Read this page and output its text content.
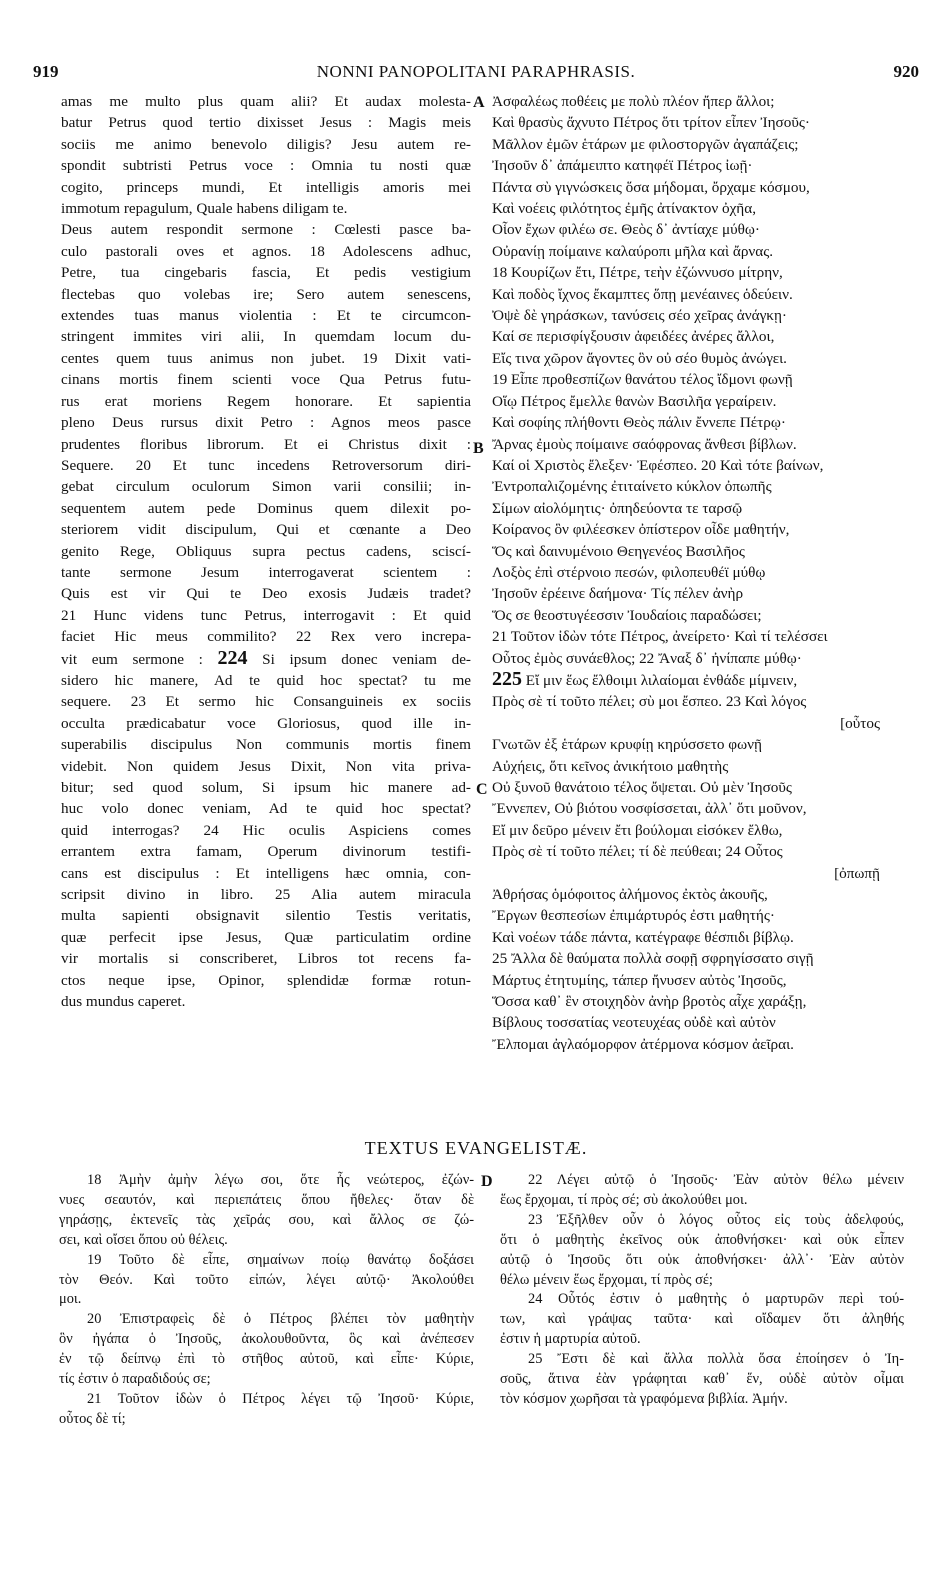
919	NONNI PANOPOLITANI PARAPHRASIS.	920
A
B
C
D
amas me multo plus quam alii? Et audax molesta-
batur Petrus quod tertio dixisset Jesus : Magis meis
sociis me animo benevolo diligis? Jesu autem re-
spondit subtristi Petrus voce : Omnia tu nosti quæ
cogito, princeps mundi, Et intelligis amoris mei
immotum repagulum, Quale habens diligam te.
Deus autem respondit sermone : Cœlesti pasce ba-
culo pastorali oves et agnos. 18 Adolescens adhuc,
Petre, tua cingebaris fascia, Et pedis vestigium
flectebas quo volebas ire; Sero autem senescens,
extendes tuas manus violentia : Et te circumcon-
stringent immites viri alii, In quemdam locum du-
centes quem tuus animus non jubet. 19 Dixit vati-
cinans mortis finem scienti voce Qua Petrus futu-
rus erat moriens Regem honorare. Et sapientia
pleno Deus rursus dixit Petro : Agnos meos pasce
prudentes floribus librorum. Et ei Christus dixit :
Sequere. 20 Et tunc incedens Retroversorum diri-
gebat circulum oculorum Simon varii consilii; in-
sequentem autem pede Dominus quem dilexit po-
steriorem vidit discipulum, Qui et cœnante a Deo
genito Rege, Obliquus supra pectus cadens, sciscí-
tante sermone Jesum interrogaverat scientem :
Quis est vir Qui te Deo exosis Judæis tradet?
21 Hunc videns tunc Petrus, interrogavit : Et quid
faciet Hic meus commilito? 22 Rex vero increpa-
vit eum sermone : 224 Si ipsum donec veniam de-
sidero hic manere, Ad te quid hoc spectat? tu me
sequere. 23 Et sermo hic Consanguineis ex sociis
occulta prædicabatur voce Gloriosus, quod ille in-
superabilis discipulus Non communis mortis finem
videbit. Non quidem Jesus Dixit, Non vita priva-
bitur; sed quod solum, Si ipsum hic manere ad-
huc volo donec veniam, Ad te quid hoc spectat?
quid interrogas? 24 Hic oculis Aspiciens comes
errantem extra famam, Operum divinorum testifi-
cans est discipulus : Et intelligens hæc omnia, con-
scripsit divino in libro. 25 Alia autem miracula
multa sapienti obsignavit silentio Testis veritatis,
quæ perfecit ipse Jesus, Quæ particulatim ordine
vir mortalis si conscriberet, Libros tot recens fa-
ctos neque ipse, Opinor, splendidæ formæ rotun-
dus mundus caperet.
Ἀσφαλέως ποθέεις με πολὺ πλέον ἤπερ ἄλλοι;
Καὶ θρασὺς ἄχνυτο Πέτρος ὅτι τρίτον εἶπεν Ἰησοῦς·
Μᾶλλον ἐμῶν ἑτάρων με φιλοστοργῶν ἀγαπάζεις;
Ἰησοῦν δ᾽ ἀπάμειπτο κατηφέϊ Πέτρος ἰωῇ·
Πάντα σὺ γιγνώσκεις ὅσα μήδομαι, ὄρχαμε κόσμου,
Καὶ νοέεις φιλότητος ἐμῆς ἀτίνακτον ὀχῆα,
Οἷον ἔχων φιλέω σε. Θεὸς δ᾽ ἀντίαχε μύθῳ·
Οὐρανίῃ ποίμαινε καλαύροπι μῆλα καὶ ἄρνας.
18 Κουρίζων ἔτι, Πέτρε, τεὴν ἐζώννυσο μίτρην,
Καὶ ποδὸς ἴχνος ἔκαμπτες ὅπῃ μενέαινες ὁδεύειν.
Ὀψὲ δὲ γηράσκων, τανύσεις σέο χεῖρας ἀνάγκῃ·
Καί σε περισφίγξουσιν ἀφειδέες ἀνέρες ἄλλοι,
Εἴς τινα χῶρον ἄγοντες ὃν οὐ σέο θυμὸς ἀνώγει.
19 Εἶπε προθεσπίζων θανάτου τέλος ἴδμονι φωνῇ
Οἵῳ Πέτρος ἔμελλε θανὼν Βασιλῆα γεραίρειν.
Καὶ σοφίης πλήθοντι Θεὸς πάλιν ἔννεπε Πέτρῳ·
Ἄρνας ἐμοὺς ποίμαινε σαόφρονας ἄνθεσι βίβλων.
Καί οἱ Χριστὸς ἔλεξεν· Ἐφέσπεο. 20 Καὶ τότε βαίνων,
Ἐντροπαλιζομένης ἐτιταίνετο κύκλον ὀπωπῆς
Σίμων αἰολόμητις· ὀπηδεύοντα τε ταρσῷ
Κοίρανος ὃν φιλέεσκεν ὀπίστερον οἶδε μαθητήν,
Ὅς καὶ δαινυμένοιο Θεηγενέος Βασιλῆος
Λοξὸς ἐπὶ στέρνοιο πεσών, φιλοπευθέϊ μύθῳ
Ἰησοῦν ἐρέεινε δαήμονα· Τίς πέλεν ἀνὴρ
Ὅς σε θεοστυγέεσσιν Ἰουδαίοις παραδώσει;
21 Τοῦτον ἰδὼν τότε Πέτρος, ἀνείρετο· Καὶ τί τελέσσει
Οὗτος ἐμὸς συνάεθλος; 22 Ἄναξ δ᾽ ἠνίπαπε μύθῳ·
225 Εἴ μιν ἕως ἔλθοιμι λιλαίομαι ἐνθάδε μίμνειν,
Πρὸς σὲ τί τοῦτο πέλει; σὺ μοι ἔσπεο. 23 Καὶ λόγος
[οὗτος
Γνωτῶν ἐξ ἑτάρων κρυφίῃ κηρύσσετο φωνῇ
Αὐχήεις, ὅτι κεῖνος ἀνικήτοιο μαθητὴς
Οὐ ξυνοῦ θανάτοιο τέλος ὄψεται. Οὐ μὲν Ἰησοῦς
Ἔννεπεν, Οὐ βιότου νοσφίσσεται, ἀλλ᾽ ὅτι μοῦνον,
Εἴ μιν δεῦρο μένειν ἔτι βούλομαι εἰσόκεν ἔλθω,
Πρὸς σὲ τί τοῦτο πέλει; τί δὲ πεύθεαι; 24 Οὗτος
[ὀπωπῇ
Ἀθρήσας ὁμόφοιτος ἀλήμονος ἐκτὸς ἀκουῆς,
Ἔργων θεσπεσίων ἐπιμάρτυρός ἐστι μαθητής·
Καὶ νοέων τάδε πάντα, κατέγραφε θέσπιδι βίβλῳ.
25 Ἄλλα δὲ θαύματα πολλὰ σοφῇ σφρηγίσσατο σιγῇ
Μάρτυς ἐτητυμίης, τάπερ ἤνυσεν αὐτὸς Ἰησοῦς,
Ὅσσα καθ᾽ ἓν στοιχηδὸν ἀνὴρ βροτὸς αἶχε χαράξῃ,
Βίβλους τοσσατίας νεοτευχέας οὐδὲ καὶ αὐτὸν
Ἔλπομαι ἀγλαόμορφον ἀτέρμονα κόσμον ἀεῖραι.
TEXTUS EVANGELISTÆ.
18 Ἀμὴν ἀμὴν λέγω σοι, ὅτε ἦς νεώτερος, ἐζών-
νυες σεαυτόν, καὶ περιεπάτεις ὅπου ἤθελες· ὅταν δὲ
γηράσῃς, ἐκτενεῖς τὰς χεῖράς σου, καὶ ἄλλος σε ζώ-
σει, καὶ οἴσει ὅπου οὐ θέλεις.
19 Τοῦτο δὲ εἶπε, σημαίνων ποίῳ θανάτῳ δοξάσει
τὸν Θεόν. Καὶ τοῦτο εἰπών, λέγει αὐτῷ· Ἀκολούθει
μοι.
20 Ἐπιστραφεὶς δὲ ὁ Πέτρος βλέπει τὸν μαθητὴν
ὃν ἠγάπα ὁ Ἰησοῦς, ἀκολουθοῦντα, ὃς καὶ ἀνέπεσεν
ἐν τῷ δείπνῳ ἐπὶ τὸ στῆθος αὐτοῦ, καὶ εἶπε· Κύριε,
τίς ἐστιν ὁ παραδιδούς σε;
21 Τοῦτον ἰδὼν ὁ Πέτρος λέγει τῷ Ἰησοῦ· Κύριε,
οὗτος δὲ τί;
22 Λέγει αὐτῷ ὁ Ἰησοῦς· Ἐὰν αὐτὸν θέλω μένειν
ἕως ἔρχομαι, τί πρὸς σέ; σὺ ἀκολούθει μοι.
23 Ἐξῆλθεν οὖν ὁ λόγος οὗτος εἰς τοὺς ἀδελφούς,
ὅτι ὁ μαθητὴς ἐκεῖνος οὐκ ἀποθνήσκει· καὶ οὐκ εἶπεν
αὐτῷ ὁ Ἰησοῦς ὅτι οὐκ ἀποθνήσκει· ἀλλ᾽· Ἐὰν αὐτὸν
θέλω μένειν ἕως ἔρχομαι, τί πρὸς σέ;
24 Οὗτός ἐστιν ὁ μαθητὴς ὁ μαρτυρῶν περὶ τού-
των, καὶ γράψας ταῦτα· καὶ οἴδαμεν ὅτι ἀληθής
ἐστιν ἡ μαρτυρία αὐτοῦ.
25 Ἔστι δὲ καὶ ἄλλα πολλὰ ὅσα ἐποίησεν ὁ Ἰη-
σοῦς, ἅτινα ἐὰν γράφηται καθ᾽ ἕν, οὐδὲ αὐτὸν οἶμαι
τὸν κόσμον χωρῆσαι τὰ γραφόμενα βιβλία. Ἀμήν.
